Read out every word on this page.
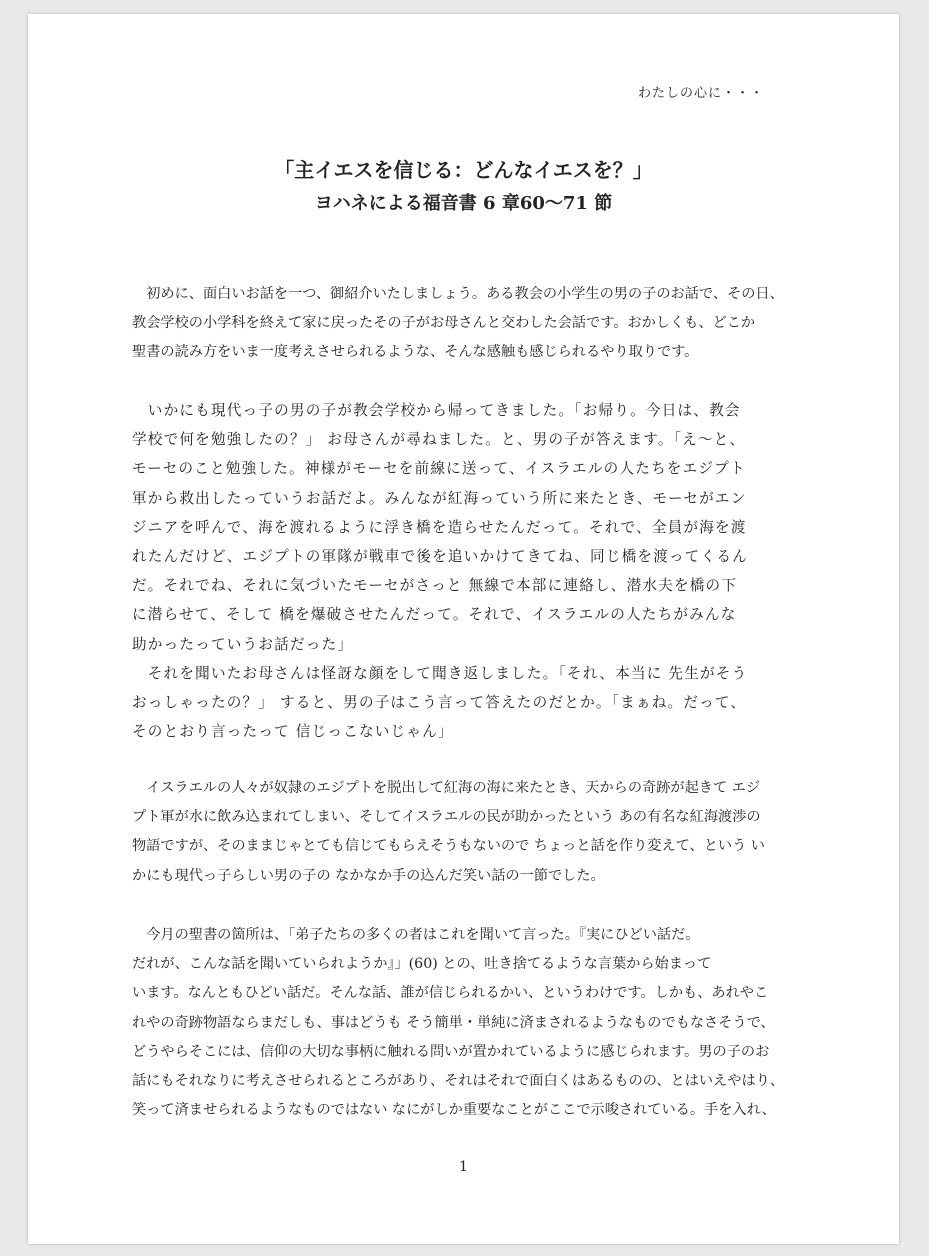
わたしの心に・・・
「主イエスを信じる：どんなイエスを？」
ヨハネによる福音書 6 章60〜71 節
　初めに、面白いお話を一つ、御紹介いたしましょう。ある教会の小学生の男の子のお話で、その日、
教会学校の小学科を終えて家に戻ったその子がお母さんと交わした会話です。おかしくも、どこか
聖書の読み方をいま一度考えさせられるような、そんな感触も感じられるやり取りです。
　いかにも現代っ子の男の子が教会学校から帰ってきました。「お帰り。今日は、教会
学校で何を勉強したの？」 お母さんが尋ねました。と、男の子が答えます。「え〜と、
モーセのこと勉強した。神様がモーセを前線に送って、イスラエルの人たちをエジプト
軍から救出したっていうお話だよ。みんなが紅海っていう所に来たとき、モーセがエン
ジニアを呼んで、海を渡れるように浮き橋を造らせたんだって。それで、全員が海を渡
れたんだけど、エジプトの軍隊が戦車で後を追いかけてきてね、同じ橋を渡ってくるん
だ。それでね、それに気づいたモーセがさっと 無線で本部に連絡し、潜水夫を橋の下
に潜らせて、そして 橋を爆破させたんだって。それで、イスラエルの人たちがみんな
助かったっていうお話だった」
　それを聞いたお母さんは怪訝な顔をして聞き返しました。「それ、本当に 先生がそう
おっしゃったの？」 すると、男の子はこう言って答えたのだとか。「まぁね。だって、
そのとおり言ったって 信じっこないじゃん」
　イスラエルの人々が奴隷のエジプトを脱出して紅海の海に来たとき、天からの奇跡が起きて エジ
プト軍が水に飲み込まれてしまい、そしてイスラエルの民が助かったという あの有名な紅海渡渉の
物語ですが、そのままじゃとても信じてもらえそうもないので ちょっと話を作り変えて、という い
かにも現代っ子らしい男の子の なかなか手の込んだ笑い話の一節でした。
　今月の聖書の箇所は、「弟子たちの多くの者はこれを聞いて言った。『実にひどい話だ。
だれが、こんな話を聞いていられようか』」(60) との、吐き捨てるような言葉から始まって
います。なんともひどい話だ。そんな話、誰が信じられるかい、というわけです。しかも、あれやこ
れやの奇跡物語ならまだしも、事はどうも そう簡単・単純に済まされるようなものでもなさそうで、
どうやらそこには、信仰の大切な事柄に触れる問いが置かれているように感じられます。男の子のお
話にもそれなりに考えさせられるところがあり、それはそれで面白くはあるものの、とはいえやはり、
笑って済ませられるようなものではない なにがしか重要なことがここで示唆されている。手を入れ、
1
